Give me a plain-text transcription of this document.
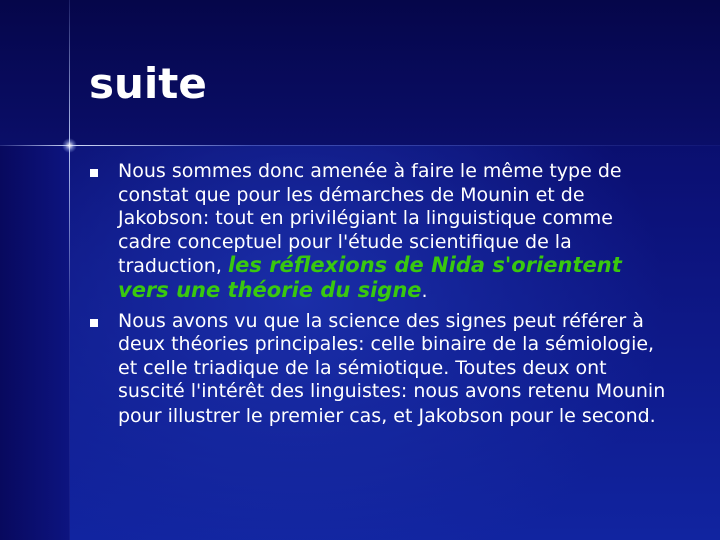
suite
Nous sommes donc amenée à faire le même type de constat que pour les démarches de Mounin et de Jakobson: tout en privilégiant la linguistique comme cadre conceptuel pour l'étude scientifique de la traduction, les réflexions de Nida s'orientent vers une théorie du signe.
Nous avons vu que la science des signes peut référer à deux théories principales: celle binaire de la sémiologie, et celle triadique de la sémiotique. Toutes deux ont suscité l'intérêt des linguistes: nous avons retenu Mounin pour illustrer le premier cas, et Jakobson pour le second.
